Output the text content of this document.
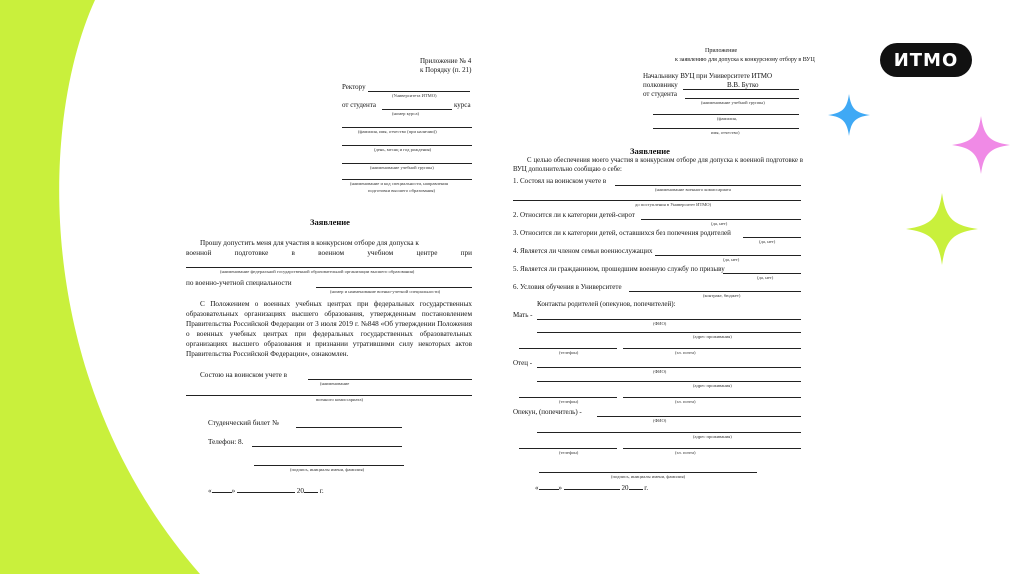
ИТМО
Приложение № 4
к Порядку (п. 21)
Ректору
(Университета ИТМО)
от студента	курса
(номер курса)
(фамилия, имя, отчество (при наличии))
(день, месяц и год рождения)
(наименование учебной группы)
(наименование и код специальности, направления
подготовки высшего образования)
Заявление
Прошу допустить меня для участия в конкурсном отборе для допуска к
военной	подготовке	в	военном	учебном	центре	при
(наименование федеральной государственной образовательной организации высшего образования)
по военно-учетной специальности
(номер и наименование военно-учетной специальности)
С Положением о военных учебных центрах при федеральных государственных образовательных организациях высшего образования, утвержденным постановлением Правительства Российской Федерации от 3 июля 2019 г. №848 «Об утверждении Положения о военных учебных центрах при федеральных государственных образовательных организациях высшего образования и признании утратившими силу некоторых актов Правительства Российской Федерации», ознакомлен.
Состою на воинском учете в
(наименование
военного комиссариата)
Студенческий билет №
Телефон: 8.
(подпись, инициалы имени, фамилия)
«	»	20 г.
Приложение
к заявлению для допуска к конкурсному отбору в ВУЦ
Начальнику ВУЦ при Университете ИТМО
полковнику	В.В. Бутко
от студента
(наименование учебной группы)
(фамилия,
имя, отчество)
Заявление
С целью обеспечения моего участия в конкурсном отборе для допуска к военной подготовке в ВУЦ дополнительно сообщаю о себе:
1. Состоял на воинском учете в
(наименование военного комиссариата
до поступления в Университет ИТМО)
2. Относится ли к категории детей-сирот
(да, нет)
3. Относится ли к категории детей, оставшихся без попечения родителей
(да, нет)
4. Является ли членом семьи военнослужащих
(да, нет)
5. Является ли гражданином, прошедшим военную службу по призыву
(да, нет)
6. Условия обучения в Университете
(контракт, бюджет)
Контакты родителей (опекунов, попечителей):
Мать -
(ФИО)
(адрес проживания)
(телефон)	(эл. почта)
Отец -
(ФИО)
(адрес проживания)
(телефон)	(эл. почта)
Опекун, (попечитель) -
(ФИО)
(адрес проживания)
(телефон)	(эл. почта)
(подпись, инициалы имени, фамилия)
«	»	20 г.
